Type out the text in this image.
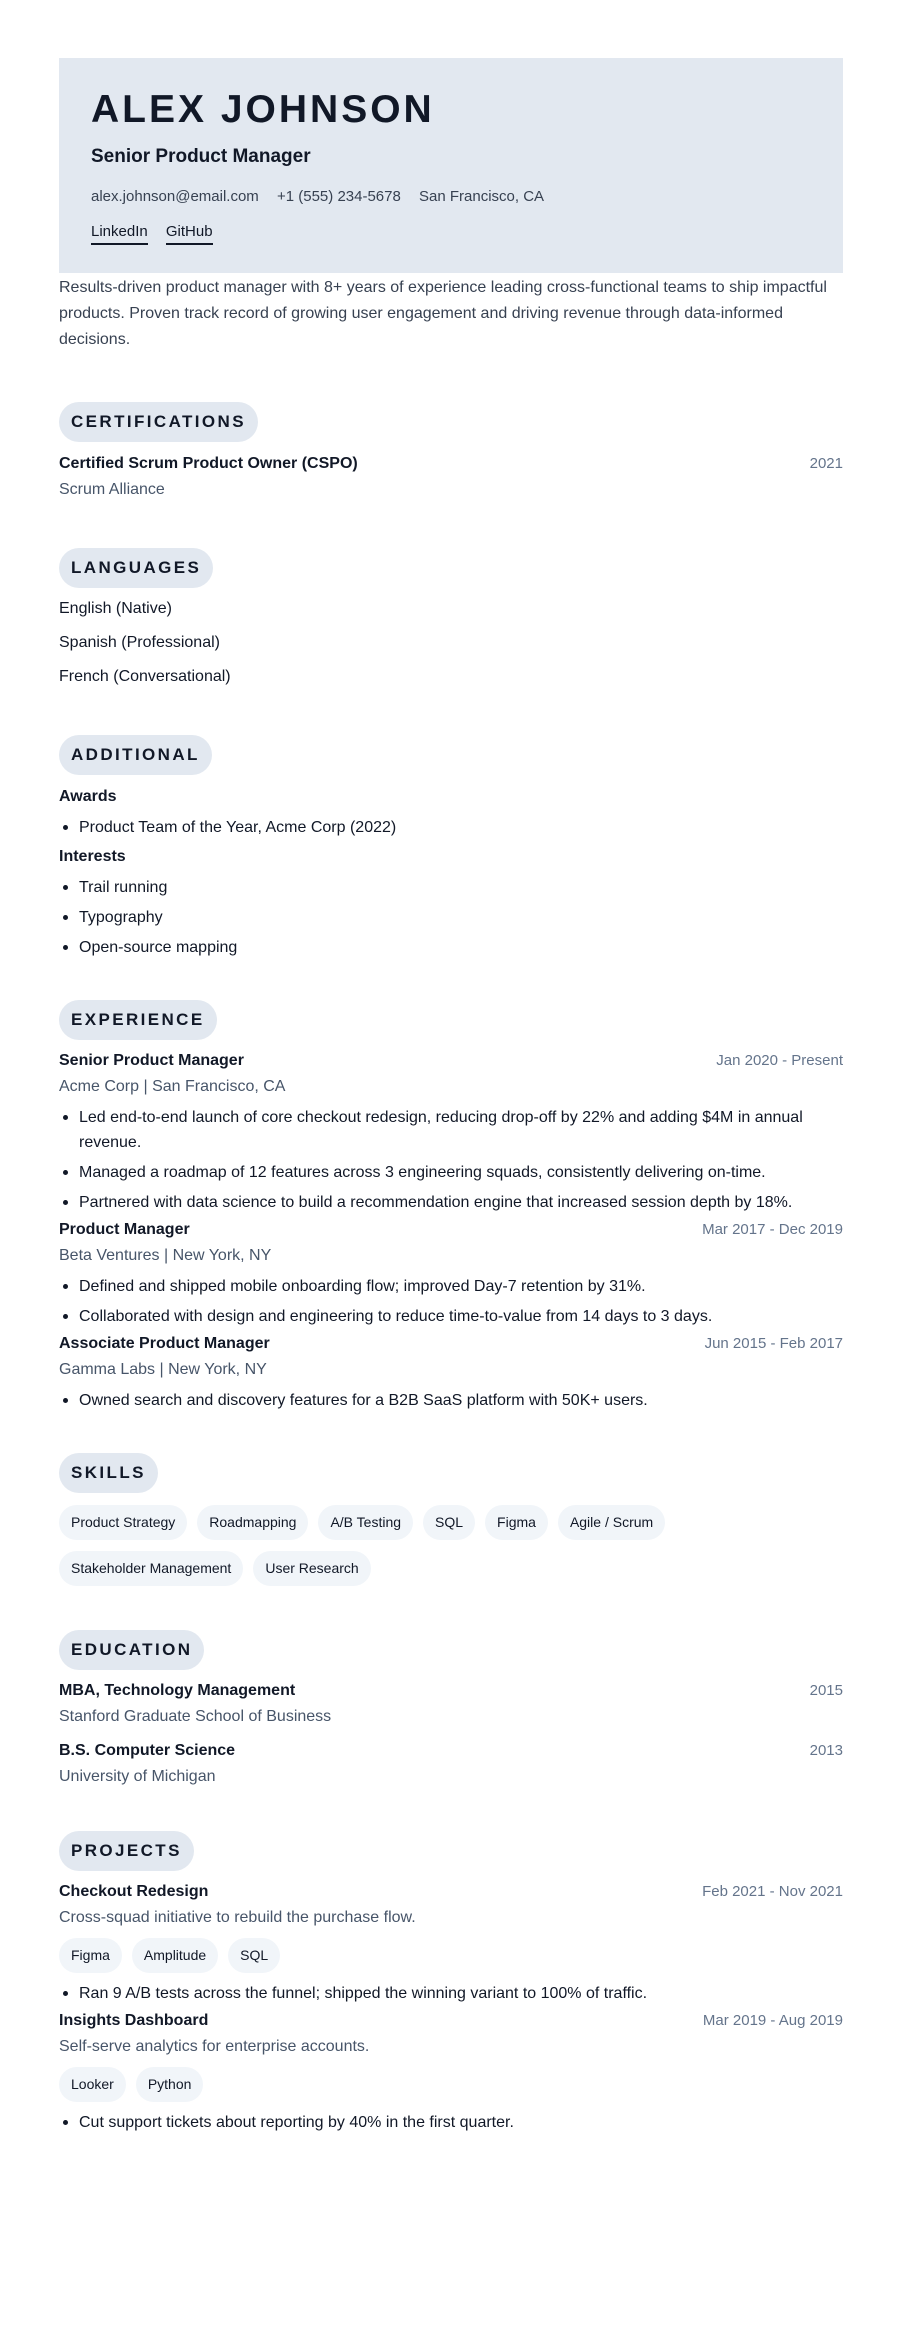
ALEX JOHNSON
Senior Product Manager
alex.johnson@email.com +1 (555) 234-5678 San Francisco, CA
LinkedIn GitHub

Results-driven product manager with 8+ years of experience leading cross-functional teams to ship impactful products. Proven track record of growing user engagement and driving revenue through data-informed decisions.

CERTIFICATIONS
Certified Scrum Product Owner (CSPO)	2021
Scrum Alliance
LANGUAGES
English (Native)
Spanish (Professional)
French (Conversational)
ADDITIONAL
Awards
Product Team of the Year, Acme Corp (2022)
Interests
Trail running
Typography
Open-source mapping
EXPERIENCE
Senior Product Manager	Jan 2020 - Present
Acme Corp | San Francisco, CA
Led end-to-end launch of core checkout redesign, reducing drop-off by 22% and adding $4M in annual revenue.
Managed a roadmap of 12 features across 3 engineering squads, consistently delivering on-time.
Partnered with data science to build a recommendation engine that increased session depth by 18%.
Product Manager	Mar 2017 - Dec 2019
Beta Ventures | New York, NY
Defined and shipped mobile onboarding flow; improved Day-7 retention by 31%.
Collaborated with design and engineering to reduce time-to-value from 14 days to 3 days.
Associate Product Manager	Jun 2015 - Feb 2017
Gamma Labs | New York, NY
Owned search and discovery features for a B2B SaaS platform with 50K+ users.
SKILLS
Product Strategy	Roadmapping	A/B Testing	SQL	Figma	Agile / Scrum
Stakeholder Management	User Research
EDUCATION
MBA, Technology Management	2015
Stanford Graduate School of Business
B.S. Computer Science	2013
University of Michigan
PROJECTS
Checkout Redesign	Feb 2021 - Nov 2021
Cross-squad initiative to rebuild the purchase flow.
Figma	Amplitude	SQL
Ran 9 A/B tests across the funnel; shipped the winning variant to 100% of traffic.
Insights Dashboard	Mar 2019 - Aug 2019
Self-serve analytics for enterprise accounts.
Looker	Python
Cut support tickets about reporting by 40% in the first quarter.
